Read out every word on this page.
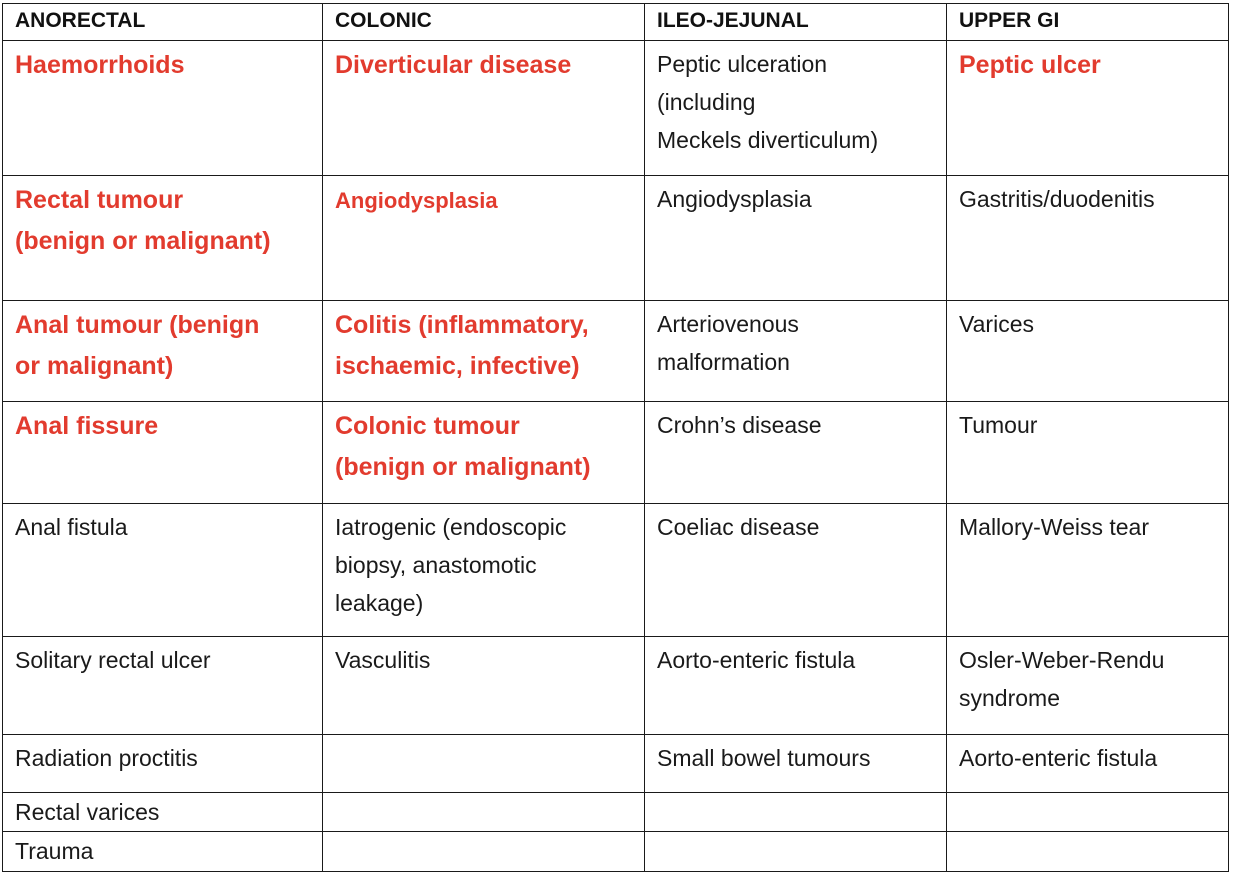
ANORECTAL	COLONIC	ILEO-JEJUNAL	UPPER GI
Haemorrhoids	Diverticular disease	Peptic ulceration
(including
Meckels diverticulum)	Peptic ulcer
Rectal tumour
(benign or malignant)	Angiodysplasia	Angiodysplasia	Gastritis/duodenitis
Anal tumour (benign
or malignant)	Colitis (inflammatory,
ischaemic, infective)	Arteriovenous
malformation	Varices
Anal fissure	Colonic tumour
(benign or malignant)	Crohn’s disease	Tumour
Anal fistula	Iatrogenic (endoscopic
biopsy, anastomotic
leakage)	Coeliac disease	Mallory‑Weiss tear
Solitary rectal ulcer	Vasculitis	Aorto-enteric fistula	Osler‑Weber-Rendu
syndrome
Radiation proctitis		Small bowel tumours	Aorto‑enteric fistula
Rectal varices			
Trauma			
